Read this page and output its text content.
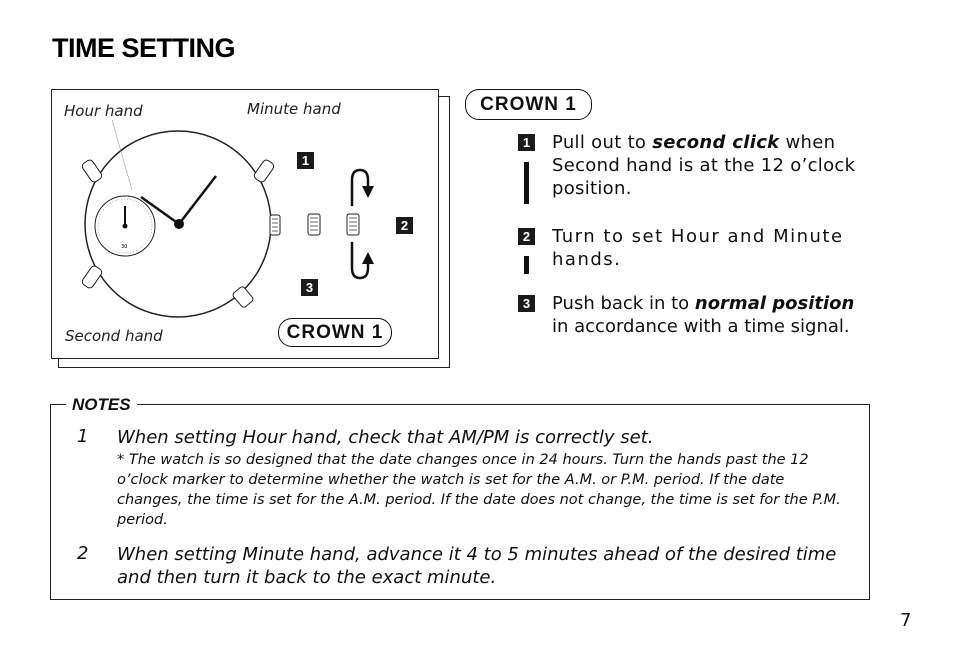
TIME SETTING
30
Hour hand	Minute hand
Second hand
1
2
3
CROWN 1
CROWN 1
1 Pull out to second click when Second hand is at the 12 o’clock position.
2 Turn to set Hour and Minute hands.
3 Push back in to normal position in accordance with a time signal.
NOTES
1 When setting Hour hand, check that AM/PM is correctly set.
* The watch is so designed that the date changes once in 24 hours. Turn the hands past the 12 o’clock marker to determine whether the watch is set for the A.M. or P.M. period. If the date changes, the time is set for the A.M. period. If the date does not change, the time is set for the P.M. period.
2 When setting Minute hand, advance it 4 to 5 minutes ahead of the desired time and then turn it back to the exact minute.
7
